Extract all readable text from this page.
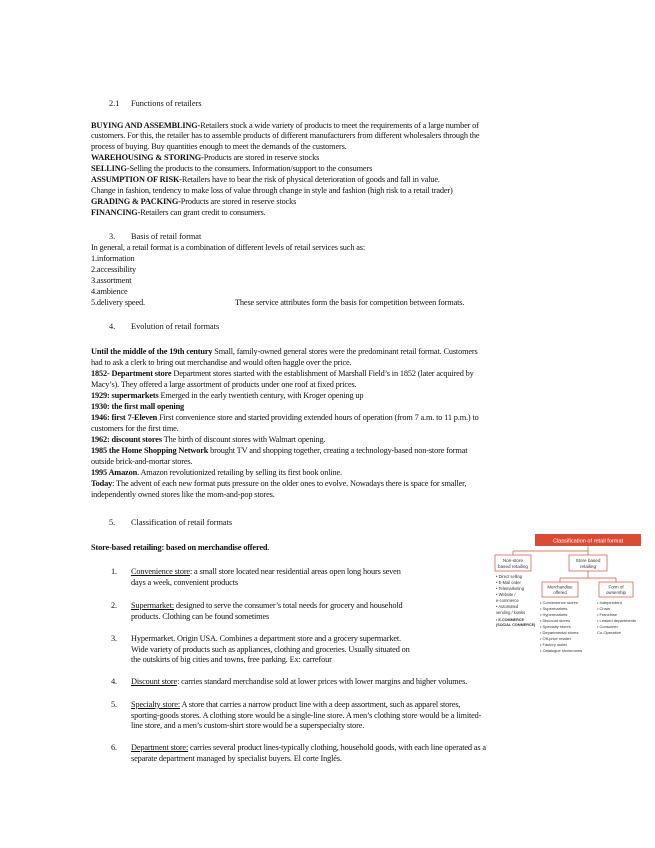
2.1 Functions of retailers
BUYING AND ASSEMBLING-Retailers stock a wide variety of products to meet the requirements of a large number of
customers. For this, the retailer has to assemble products of different manufacturers from different wholesalers through the
process of buying. Buy quantities enough to meet the demands of the customers.
WAREHOUSING & STORING-Products are stored in reserve stocks
SELLING-Selling the products to the consumers. Information/support to the consumers
ASSUMPTION OF RISK-Retailers have to bear the risk of physical deterioration of goods and fall in value.
Change in fashion, tendency to make loss of value through change in style and fashion (high risk to a retail trader)
GRADING & PACKING-Products are stored in reserve stocks
FINANCING-Retailers can grant credit to consumers.
3. Basis of retail format
In general, a retail format is a combination of different levels of retail services such as:
1.information
2.accessibility
3.assortment
4.ambience
5.delivery speed.	These service attributes form the basis for competition between formats.
4. Evolution of retail formats
Until the middle of the 19th century Small, family-owned general stores were the predominant retail format. Customers
had to ask a clerk to bring out merchandise and would often haggle over the price.
1852- Department store Department stores started with the establishment of Marshall Field’s in 1852 (later acquired by
Macy’s). They offered a large assortment of products under one roof at fixed prices.
1929: supermarkets Emerged in the early twentieth century, with Kroger opening up
1930: the first mall opening
1946: first 7-Eleven First convenience store and started providing extended hours of operation (from 7 a.m. to 11 p.m.) to
customers for the first time.
1962: discount stores The birth of discount stores with Walmart opening.
1985 the Home Shopping Network brought TV and shopping together, creating a technology-based non-store format
outside brick-and-mortar stores.
1995 Amazon. Amazon revolutionized retailing by selling its first book online.
Today: The advent of each new format puts pressure on the older ones to evolve. Nowadays there is space for smaller,
independently owned stores like the mom-and-pop stores.
5. Classification of retail formats
Store-based retailing: based on merchandise offered.
1. Convenience store: a small store located near residential areas open long hours seven
days a week, convenient products
2. Supermarket: designed to serve the consumer’s total needs for grocery and household
products. Clothing can be found sometimes
3. Hypermarket. Origin USA. Combines a department store and a grocery supermarket.
Wide variety of products such as appliances, clothing and groceries. Usually situated on
the outskirts of big cities and towns, free parking. Ex: carrefour
4. Discount store: carries standard merchandise sold at lower prices with lower margins and higher volumes.
5. Specialty store: A store that carries a narrow product line with a deep assortment, such as apparel stores,
sporting-goods stores. A clothing store would be a single-line store. A men’s clothing store would be a limited-
line store, and a men’s custom-shirt store would be a superspecialty store.
6. Department store: carries several product lines-typically clothing, household goods, with each line operated as a
separate department managed by specialist buyers. El corte Inglés.
Classification of retail format
Non-store
based retailing
• Direct selling
• E-Mail order
• Telemarketing
• Website /
e-commerce
• Automated
vending / kiosks
• E-COMMERCE
(SOCIAL COMMERCE)
Store based
retailing
Merchandise
offered
• Convenience stores
• Supermarkets
• Hypermarkets
• Discount stores
• Specialty stores
• Departmental stores
• Off-price retailer
• Factory outlet
• Catalogue showrooms
Form of
ownership
• Independent
• Chain
• Franchise
• Leased departments
• Consumer
Co-Operative
